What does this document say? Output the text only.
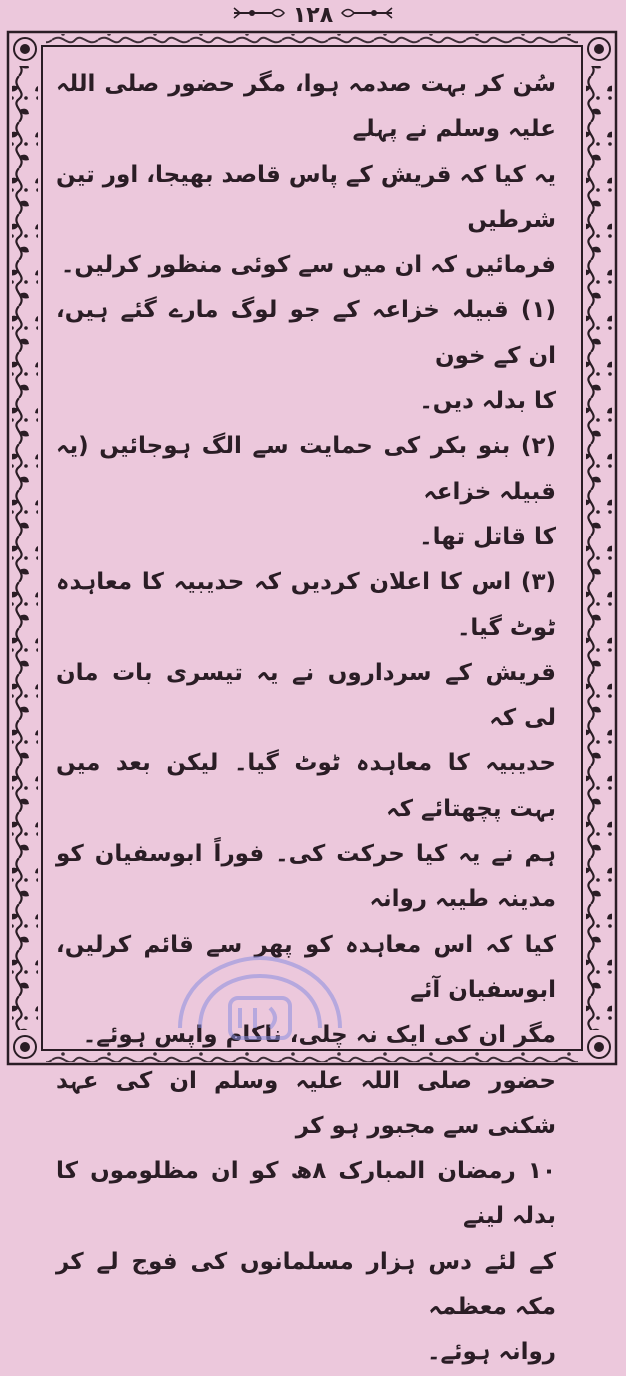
۱۲۸

سُن کر بہت صدمہ ہوا، مگر حضور صلی اللہ علیہ وسلم نے پہلے

یہ کیا کہ قریش کے پاس قاصد بھیجا، اور تین شرطیں

فرمائیں کہ ان میں سے کوئی منظور کرلیں۔

(۱) قبیلہ خزاعہ کے جو لوگ مارے گئے ہیں، ان کے خون

کا بدلہ دیں۔

(۲) بنو بکر کی حمایت سے الگ ہوجائیں (یہ قبیلہ خزاعہ

کا قاتل تھا۔

(۳) اس کا اعلان کردیں کہ حدیبیہ کا معاہدہ ٹوٹ گیا۔

قریش کے سرداروں نے یہ تیسری بات مان لی کہ

حدیبیہ کا معاہدہ ٹوٹ گیا۔ لیکن بعد میں بہت پچھتائے کہ

ہم نے یہ کیا حرکت کی۔ فوراً ابوسفیان کو مدینہ طیبہ روانہ

کیا کہ اس معاہدہ کو پھر سے قائم کرلیں، ابوسفیان آئے

مگر ان کی ایک نہ چلی، ناکام واپس ہوئے۔

حضور صلی اللہ علیہ وسلم ان کی عہد شکنی سے مجبور ہو کر

۱۰ رمضان المبارک ۸ھ کو ان مظلوموں کا بدلہ لینے

کے لئے دس ہزار مسلمانوں کی فوج لے کر مکہ معظمہ

روانہ ہوئے۔
